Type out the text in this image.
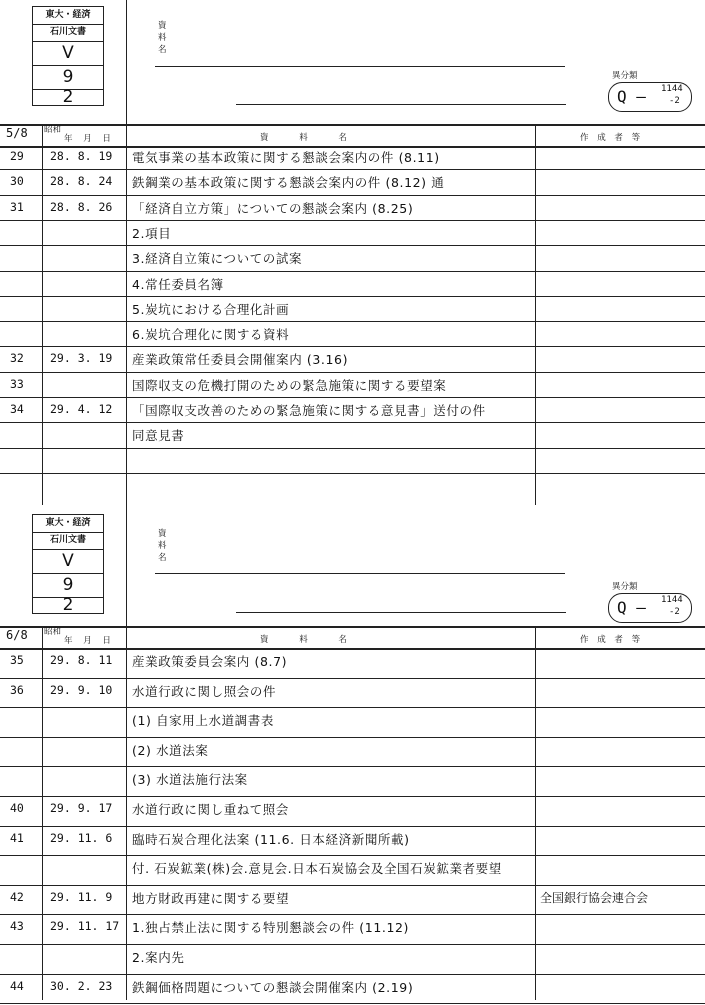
東大・経済
石川文書
V
9
2
資料名
異分類
Q — 1144
-2
5/8 昭和
年 月 日	資 料 名	作 成 者 等
29 28. 8. 19 電気事業の基本政策に関する懇談会案内の件 (8.11)
30 28. 8. 24 鉄鋼業の基本政策に関する懇談会案内の件 (8.12) 通
31 28. 8. 26 「経済自立方策」についての懇談会案内 (8.25)
2.項目
3.経済自立策についての試案
4.常任委員名簿
5.炭坑における合理化計画
6.炭坑合理化に関する資料
32 29. 3. 19 産業政策常任委員会開催案内 (3.16)
33	国際収支の危機打開のための緊急施策に関する要望案
34 29. 4. 12 「国際収支改善のための緊急施策に関する意見書」送付の件
同意見書
東大・経済
石川文書
V
9
2
資料名
異分類
Q — 1144
-2
6/8 昭和
年 月 日	資 料 名	作 成 者 等
35 29. 8. 11 産業政策委員会案内 (8.7)
36 29. 9. 10 水道行政に関し照会の件
(1) 自家用上水道調書表
(2) 水道法案
(3) 水道法施行法案
40 29. 9. 17 水道行政に関し重ねて照会
41 29. 11. 6 臨時石炭合理化法案 (11.6. 日本経済新聞所載)
付. 石炭鉱業(株)会.意見会.日本石炭協会及全国石炭鉱業者要望
42 29. 11. 9 地方財政再建に関する要望	全国銀行協会連合会
43 29. 11. 17 1.独占禁止法に関する特別懇談会の件 (11.12)
2.案内先
44 30. 2. 23 鉄鋼価格問題についての懇談会開催案内 (2.19)
